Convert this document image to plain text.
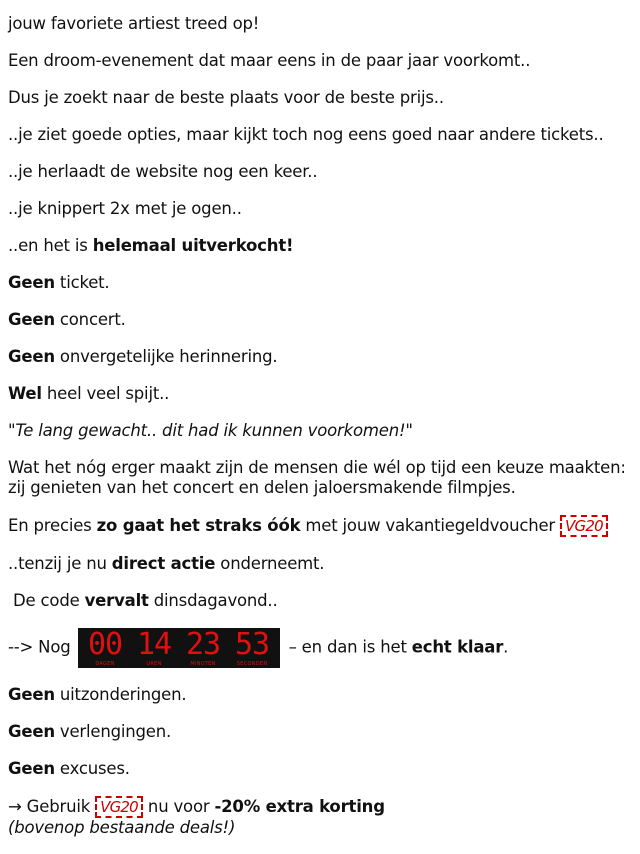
jouw favoriete artiest treed op!

Een droom-evenement dat maar eens in de paar jaar voorkomt..

Dus je zoekt naar de beste plaats voor de beste prijs..

..je ziet goede opties, maar kijkt toch nog eens goed naar andere tickets..

..je herlaadt de website nog een keer..

..je knippert 2x met je ogen..

..en het is helemaal uitverkocht!

Geen ticket.

Geen concert.

Geen onvergetelijke herinnering.

Wel heel veel spijt..

"Te lang gewacht.. dit had ik kunnen voorkomen!"

Wat het nóg erger maakt zijn de mensen die wél op tijd een keuze maakten: zij genieten van het concert en delen jaloersmakende filmpjes.

En precies zo gaat het straks óók met jouw vakantiegeldvoucher VG20

..tenzij je nu direct actie onderneemt.

De code vervalt dinsdagavond..

--> Nog 00
DAGEN
14
UREN
23
MINUTEN
53
SECONDEN
– en dan is het echt klaar.

Geen uitzonderingen.

Geen verlengingen.

Geen excuses.

→ Gebruik VG20 nu voor -20% extra korting

(bovenop bestaande deals!)
